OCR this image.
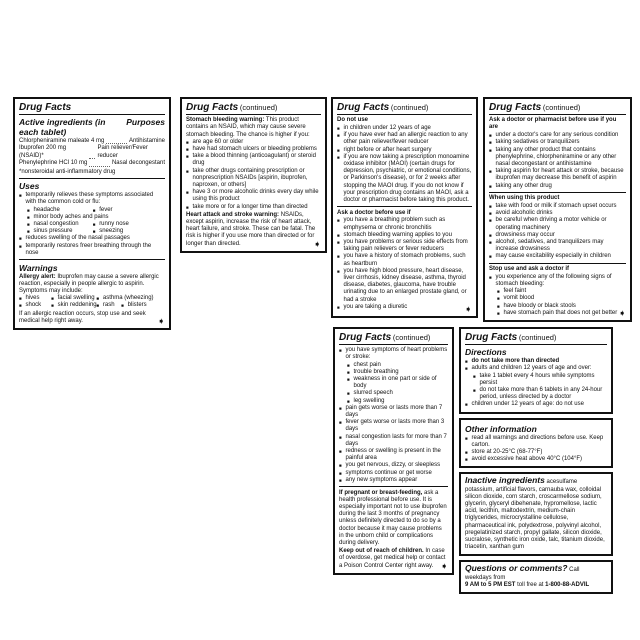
Drug Facts
Active ingredients (in each tablet)
Purposes
Chlorpheniramine maleate 4 mg	Antihistamine
Ibuprofen 200 mg (NSAID)*
Pain reliever/Fever reducer
Phenylephrine HCl 10 mg	Nasal decongestant
*nonsteroidal anti-inflammatory drug
Uses
■ temporarily relieves these symptoms associated with the common cold or flu:
■ headache	■ fever
■ minor body aches and pains
■ nasal congestion	■ runny nose
■ sinus pressure	■ sneezing
■ reduces swelling of the nasal passages
■ temporarily restores freer breathing through the nose
Warnings
Allergy alert: Ibuprofen may cause a severe allergic reaction, especially in people allergic to aspirin. Symptoms may include:
■ hives	■ facial swelling ■ asthma (wheezing)
■ shock ■ skin reddening ■ rash ■ blisters
If an allergic reaction occurs, stop use and seek medical help right away.	➧
Drug Facts (continued)
Stomach bleeding warning: This product contains an NSAID, which may cause severe stomach bleeding. The chance is higher if you:
■ are age 60 or older
■ have had stomach ulcers or bleeding problems
■ take a blood thinning (anticoagulant) or steroid drug
■ take other drugs containing prescription or nonprescription NSAIDs [aspirin, ibuprofen, naproxen, or others]
■ have 3 or more alcoholic drinks every day while using this product
■ take more or for a longer time than directed
Heart attack and stroke warning: NSAIDs, except aspirin, increase the risk of heart attack, heart failure, and stroke. These can be fatal. The risk is higher if you use more than directed or for longer than directed.	➧
Drug Facts (continued)
Do not use
■ in children under 12 years of age
■ if you have ever had an allergic reaction to any other pain reliever/fever reducer
■ right before or after heart surgery
■ if you are now taking a prescription monoamine oxidase inhibitor (MAOI) (certain drugs for depression, psychiatric, or emotional conditions, or Parkinson's disease), or for 2 weeks after stopping the MAOI drug. If you do not know if your prescription drug contains an MAOI, ask a doctor or pharmacist before taking this product.
Ask a doctor before use if
■ you have a breathing problem such as emphysema or chronic bronchitis
■ stomach bleeding warning applies to you
■ you have problems or serious side effects from taking pain relievers or fever reducers
■ you have a history of stomach problems, such as heartburn
■ you have high blood pressure, heart disease, liver cirrhosis, kidney disease, asthma, thyroid disease, diabetes, glaucoma, have trouble urinating due to an enlarged prostate gland, or had a stroke
■ you are taking a diuretic	➧
Drug Facts (continued)
Ask a doctor or pharmacist before use if you are
■ under a doctor's care for any serious condition
■ taking sedatives or tranquilizers
■ taking any other product that contains phenylephrine, chlorpheniramine or any other nasal decongestant or antihistamine
■ taking aspirin for heart attack or stroke, because ibuprofen may decrease this benefit of aspirin
■ taking any other drug
When using this product
■ take with food or milk if stomach upset occurs
■ avoid alcoholic drinks
■ be careful when driving a motor vehicle or operating machinery
■ drowsiness may occur
■ alcohol, sedatives, and tranquilizers may increase drowsiness
■ may cause excitability especially in children
Stop use and ask a doctor if
■ you experience any of the following signs of stomach bleeding:
■ feel faint
■ vomit blood
■ have bloody or black stools
■ have stomach pain that does not get better ➧
Drug Facts (continued)
■ you have symptoms of heart problems or stroke:
■ chest pain
■ trouble breathing
■ weakness in one part or side of body
■ slurred speech
■ leg swelling
■ pain gets worse or lasts more than 7 days
■ fever gets worse or lasts more than 3 days
■ nasal congestion lasts for more than 7 days
■ redness or swelling is present in the painful area
■ you get nervous, dizzy, or sleepless
■ symptoms continue or get worse
■ any new symptoms appear
If pregnant or breast-feeding, ask a health professional before use. It is especially important not to use ibuprofen during the last 3 months of pregnancy unless definitely directed to do so by a doctor because it may cause problems in the unborn child or complications during delivery.
Keep out of reach of children. In case of overdose, get medical help or contact a Poison Control Center right away. ➧
Drug Facts (continued)
Directions
■ do not take more than directed
■ adults and children 12 years of age and over:
■ take 1 tablet every 4 hours while symptoms persist
■ do not take more than 6 tablets in any 24-hour period, unless directed by a doctor
■ children under 12 years of age: do not use
Other information
■ read all warnings and directions before use. Keep carton.
■ store at 20-25°C (68-77°F)
■ avoid excessive heat above 40°C (104°F)
Inactive ingredients acesulfame potassium, artificial flavors, carnauba wax, colloidal silicon dioxide, corn starch, croscarmellose sodium, glycerin, glyceryl dibehenate, hypromellose, lactic acid, lecithin, maltodextrin, medium-chain triglycerides, microcrystalline cellulose, pharmaceutical ink, polydextrose, polyvinyl alcohol, pregelatinized starch, propyl gallate, silicon dioxide, sucralose, synthetic iron oxide, talc, titanium dioxide, triacetin, xanthan gum
Questions or comments? Call weekdays from
9 AM to 5 PM EST toll free at 1-800-88-ADVIL
